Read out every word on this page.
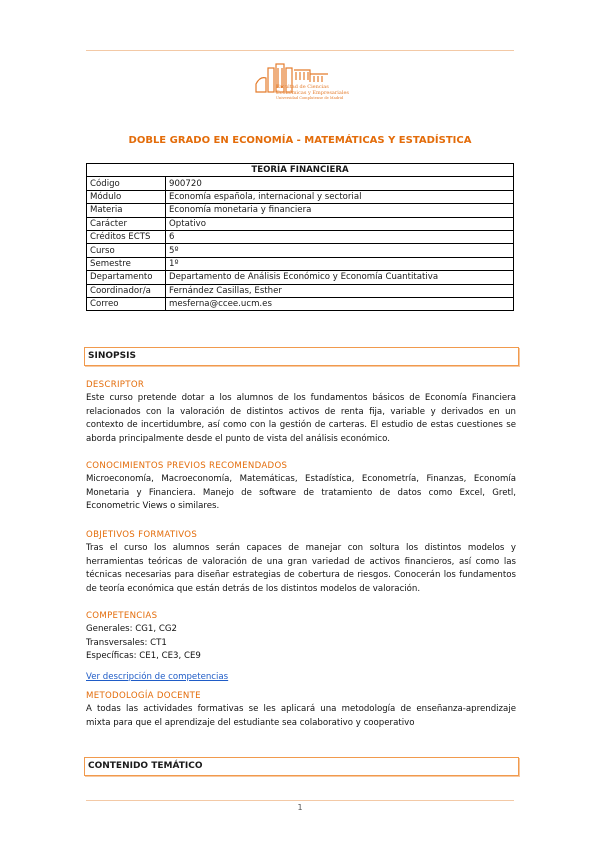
Facultad de Ciencias
Económicas y Empresariales
Universidad Complutense de Madrid
DOBLE GRADO EN ECONOMÍA - MATEMÁTICAS Y ESTADÍSTICA
TEORÍA FINANCIERA	
Código	900720
Módulo	Economía española, internacional y sectorial
Materia	Economía monetaria y financiera
Carácter	Optativo
Créditos ECTS	6
Curso	5º
Semestre	1º
Departamento	Departamento de Análisis Económico y Economía Cuantitativa
Coordinador/a	Fernández Casillas, Esther
Correo	mesferna@ccee.ucm.es
SINOPSIS
DESCRIPTOR

Este curso pretende dotar a los alumnos de los fundamentos básicos de Economía Financiera relacionados con la valoración de distintos activos de renta fija, variable y derivados en un contexto de incertidumbre, así como con la gestión de carteras. El estudio de estas cuestiones se aborda principalmente desde el punto de vista del análisis económico.

CONOCIMIENTOS PREVIOS RECOMENDADOS

Microeconomía, Macroeconomía, Matemáticas, Estadística, Econometría, Finanzas, Economía Monetaria y Financiera. Manejo de software de tratamiento de datos como Excel, Gretl, Econometric Views o similares.

OBJETIVOS FORMATIVOS

Tras el curso los alumnos serán capaces de manejar con soltura los distintos modelos y herramientas teóricas de valoración de una gran variedad de activos financieros, así como las técnicas necesarias para diseñar estrategias de cobertura de riesgos. Conocerán los fundamentos de teoría económica que están detrás de los distintos modelos de valoración.

COMPETENCIAS
Generales: CG1, CG2
Transversales: CT1
Específicas: CE1, CE3, CE9
Ver descripción de competencias
METODOLOGÍA DOCENTE

A todas las actividades formativas se les aplicará una metodología de enseñanza-aprendizaje mixta para que el aprendizaje del estudiante sea colaborativo y cooperativo

CONTENIDO TEMÁTICO
1
